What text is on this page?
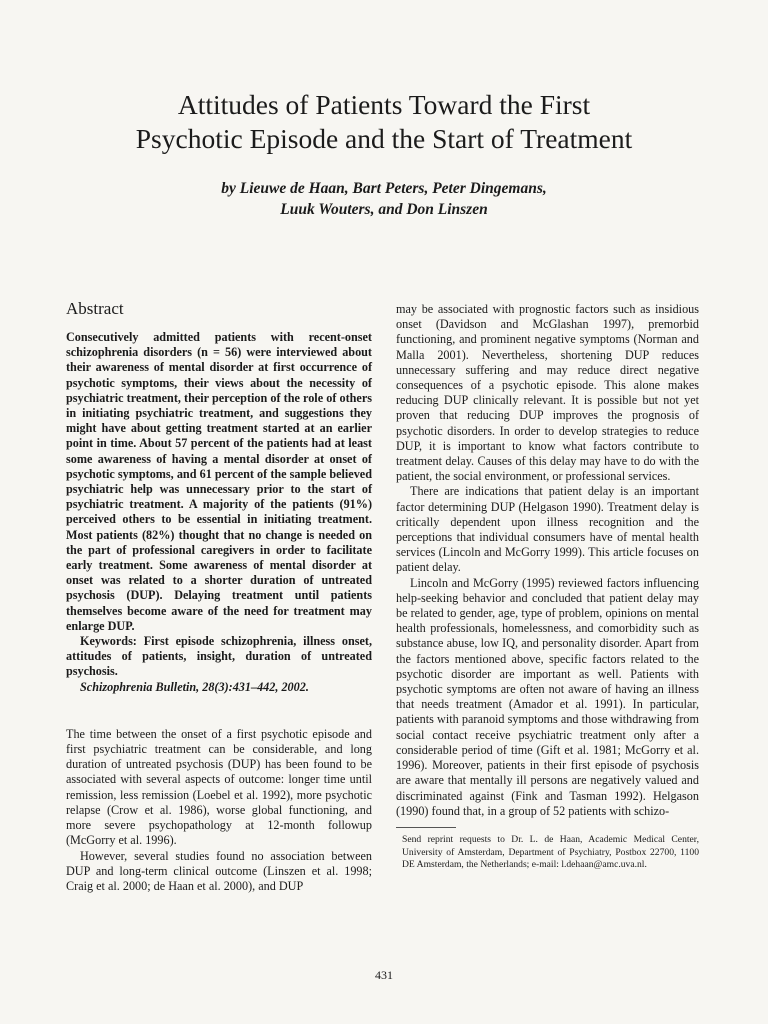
Attitudes of Patients Toward the First
Psychotic Episode and the Start of Treatment
by Lieuwe de Haan, Bart Peters, Peter Dingemans,
Luuk Wouters, and Don Linszen
Abstract

Consecutively admitted patients with recent-onset schizophrenia disorders (n = 56) were interviewed about their awareness of mental disorder at first occurrence of psychotic symptoms, their views about the necessity of psychiatric treatment, their perception of the role of others in initiating psychiatric treatment, and suggestions they might have about getting treatment started at an earlier point in time. About 57 percent of the patients had at least some awareness of having a mental disorder at onset of psychotic symptoms, and 61 percent of the sample believed psychiatric help was unnecessary prior to the start of psychiatric treatment. A majority of the patients (91%) perceived others to be essential in initiating treatment. Most patients (82%) thought that no change is needed on the part of professional caregivers in order to facilitate early treatment. Some awareness of mental disorder at onset was related to a shorter duration of untreated psychosis (DUP). Delaying treatment until patients themselves become aware of the need for treatment may enlarge DUP.

Keywords: First episode schizophrenia, illness onset, attitudes of patients, insight, duration of untreated psychosis.

Schizophrenia Bulletin, 28(3):431–442, 2002.

The time between the onset of a first psychotic episode and first psychiatric treatment can be considerable, and long duration of untreated psychosis (DUP) has been found to be associated with several aspects of outcome: longer time until remission, less remission (Loebel et al. 1992), more psychotic relapse (Crow et al. 1986), worse global functioning, and more severe psychopathology at 12-month followup (McGorry et al. 1996).

However, several studies found no association between DUP and long-term clinical outcome (Linszen et al. 1998; Craig et al. 2000; de Haan et al. 2000), and DUP

may be associated with prognostic factors such as insidious onset (Davidson and McGlashan 1997), premorbid functioning, and prominent negative symptoms (Norman and Malla 2001). Nevertheless, shortening DUP reduces unnecessary suffering and may reduce direct negative consequences of a psychotic episode. This alone makes reducing DUP clinically relevant. It is possible but not yet proven that reducing DUP improves the prognosis of psychotic disorders. In order to develop strategies to reduce DUP, it is important to know what factors contribute to treatment delay. Causes of this delay may have to do with the patient, the social environment, or professional services.

There are indications that patient delay is an important factor determining DUP (Helgason 1990). Treatment delay is critically dependent upon illness recognition and the perceptions that individual consumers have of mental health services (Lincoln and McGorry 1999). This article focuses on patient delay.

Lincoln and McGorry (1995) reviewed factors influencing help-seeking behavior and concluded that patient delay may be related to gender, age, type of problem, opinions on mental health professionals, homelessness, and comorbidity such as substance abuse, low IQ, and personality disorder. Apart from the factors mentioned above, specific factors related to the psychotic disorder are important as well. Patients with psychotic symptoms are often not aware of having an illness that needs treatment (Amador et al. 1991). In particular, patients with paranoid symptoms and those withdrawing from social contact receive psychiatric treatment only after a considerable period of time (Gift et al. 1981; McGorry et al. 1996). Moreover, patients in their first episode of psychosis are aware that mentally ill persons are negatively valued and discriminated against (Fink and Tasman 1992). Helgason (1990) found that, in a group of 52 patients with schizo-

Send reprint requests to Dr. L. de Haan, Academic Medical Center, University of Amsterdam, Department of Psychiatry, Postbox 22700, 1100 DE Amsterdam, the Netherlands; e-mail: l.dehaan@amc.uva.nl.
431
